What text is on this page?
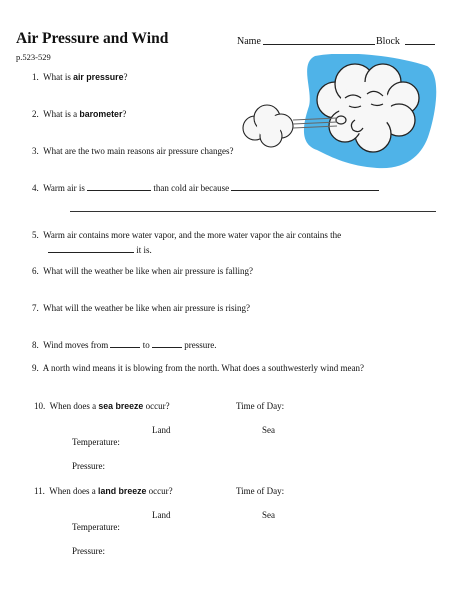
Air Pressure and Wind	Name	Block
p.523-529
1. What is air pressure?
2. What is a barometer?
3. What are the two main reasons air pressure changes?
4. Warm air is	than cold air because
5. Warm air contains more water vapor, and the more water vapor the air contains the
it is.
6. What will the weather be like when air pressure is falling?
7. What will the weather be like when air pressure is rising?
8. Wind moves from	to	pressure.
9. A north wind means it is blowing from the north. What does a southwesterly wind mean?
10. When does a sea breeze occur?	Time of Day:
Land	Sea
Temperature:
Pressure:
11. When does a land breeze occur?	Time of Day:
Land	Sea
Temperature:
Pressure:
